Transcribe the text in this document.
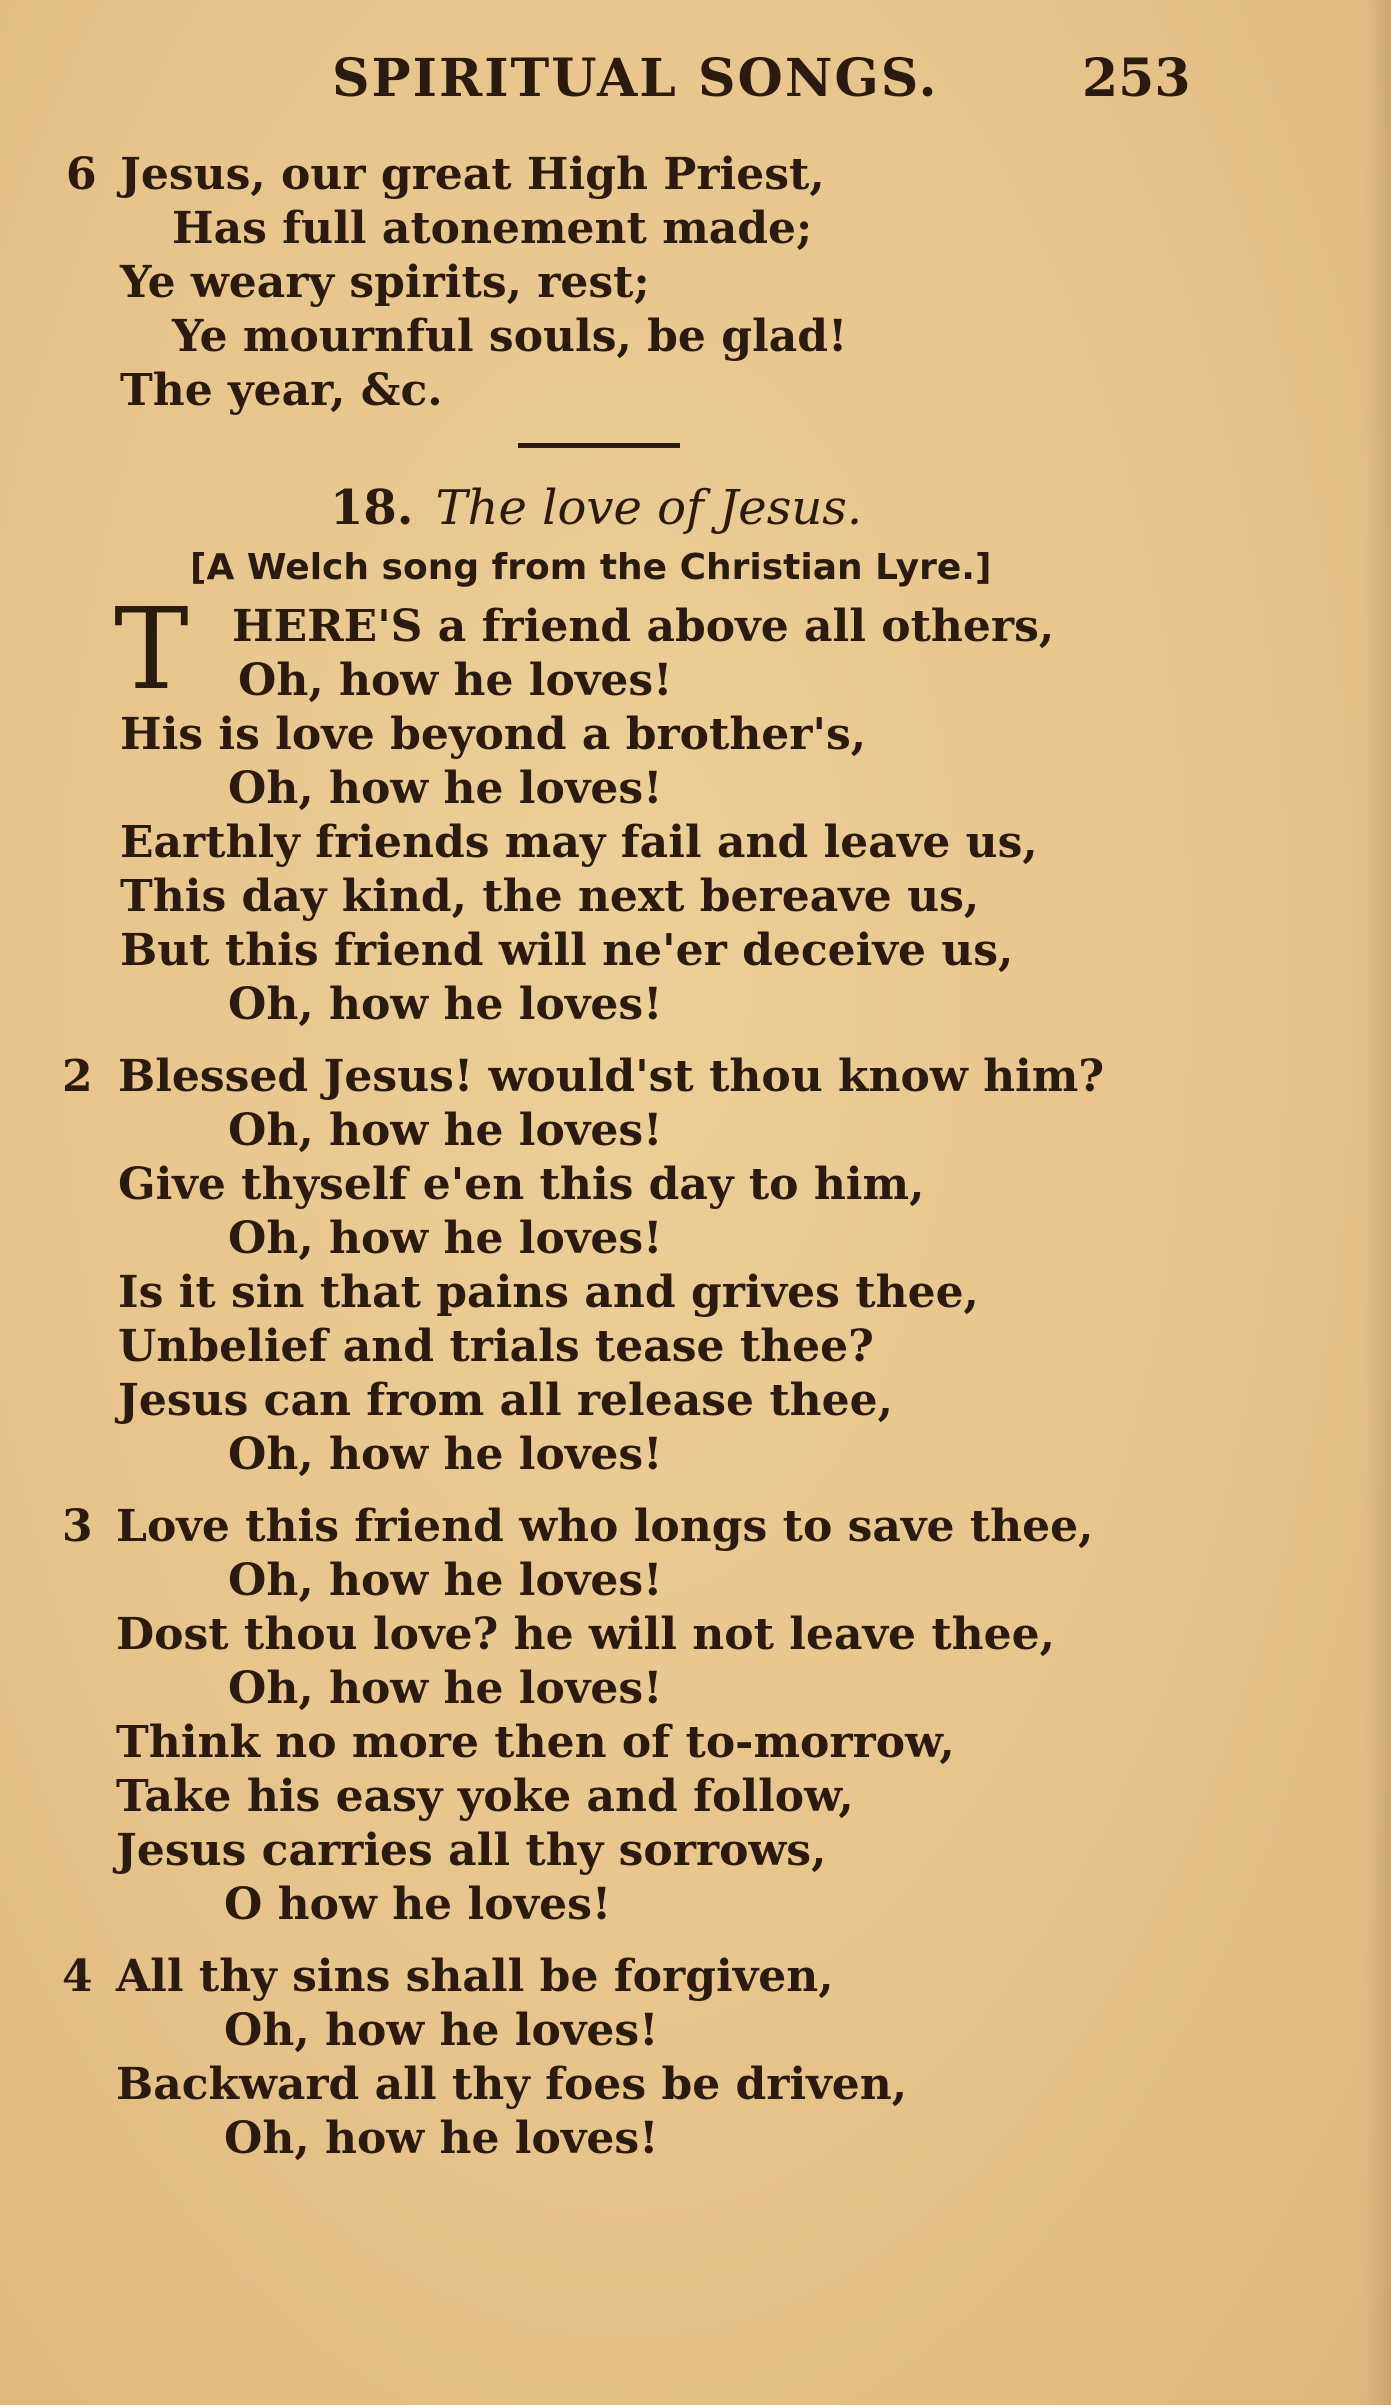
SPIRITUAL SONGS.	253
6 Jesus, our great High Priest,
Has full atonement made;
Ye weary spirits, rest;
Ye mournful souls, be glad!
The year, &c.
18. The love of Jesus.
[A Welch song from the Christian Lyre.]
T HERE'S a friend above all others,
Oh, how he loves!
His is love beyond a brother's,
Oh, how he loves!
Earthly friends may fail and leave us,
This day kind, the next bereave us,
But this friend will ne'er deceive us,
Oh, how he loves!
2 Blessed Jesus! would'st thou know him?
Oh, how he loves!
Give thyself e'en this day to him,
Oh, how he loves!
Is it sin that pains and grives thee,
Unbelief and trials tease thee?
Jesus can from all release thee,
Oh, how he loves!
3 Love this friend who longs to save thee,
Oh, how he loves!
Dost thou love? he will not leave thee,
Oh, how he loves!
Think no more then of to-morrow,
Take his easy yoke and follow,
Jesus carries all thy sorrows,
O how he loves!
4 All thy sins shall be forgiven,
Oh, how he loves!
Backward all thy foes be driven,
Oh, how he loves!
